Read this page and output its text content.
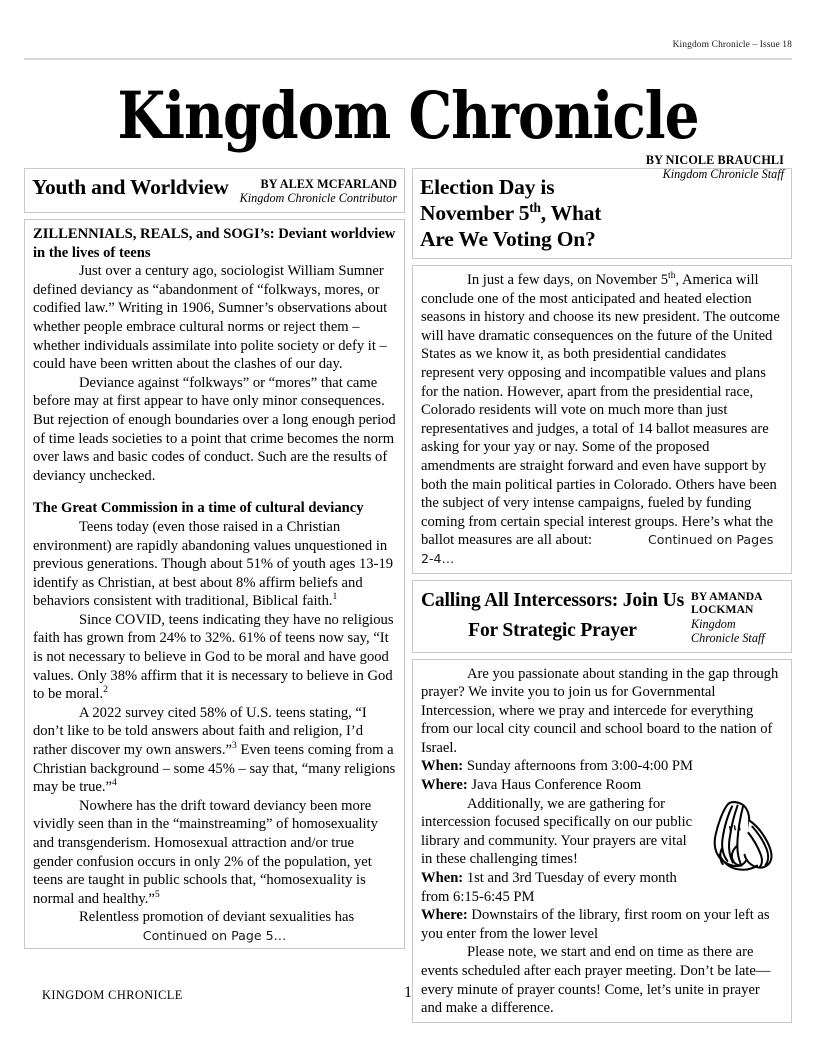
Kingdom Chronicle – Issue 18
Kingdom Chronicle
Youth and Worldview	BY ALEX MCFARLAND
Kingdom Chronicle Contributor

ZILLENNIALS, REALS, and SOGI’s: Deviant worldview in the lives of teens

Just over a century ago, sociologist William Sumner defined deviancy as “abandonment of “folkways, mores, or codified law.” Writing in 1906, Sumner’s observations about whether people embrace cultural norms or reject them – whether individuals assimilate into polite society or defy it – could have been written about the clashes of our day.

Deviance against “folkways” or “mores” that came before may at first appear to have only minor consequences. But rejection of enough boundaries over a long enough period of time leads societies to a point that crime becomes the norm over laws and basic codes of conduct. Such are the results of deviancy unchecked.

The Great Commission in a time of cultural deviancy

Teens today (even those raised in a Christian environment) are rapidly abandoning values unquestioned in previous generations. Though about 51% of youth ages 13-19 identify as Christian, at best about 8% affirm beliefs and behaviors consistent with traditional, Biblical faith.$^1$

Since COVID, teens indicating they have no religious faith has grown from 24% to 32%. 61% of teens now say, “It is not necessary to believe in God to be moral and have good values. Only 38% affirm that it is necessary to believe in God to be moral.$^2$

A 2022 survey cited 58% of U.S. teens stating, “I don’t like to be told answers about faith and religion, I’d rather discover my own answers.”$^3$ Even teens coming from a Christian background – some 45% – say that, “many religions may be true.”$^4$

Nowhere has the drift toward deviancy been more vividly seen than in the “mainstreaming” of homosexuality and transgenderism. Homosexual attraction and/or true gender confusion occurs in only 2% of the population, yet teens are taught in public schools that, “homosexuality is normal and healthy.”$^5$

Relentless promotion of deviant sexualities has

Continued on Page 5…
Election Day is November 5th, What Are We Voting On?
BY NICOLE BRAUCHLI
Kingdom Chronicle Staff

In just a few days, on November 5th, America will conclude one of the most anticipated and heated election seasons in history and choose its new president. The outcome will have dramatic consequences on the future of the United States as we know it, as both presidential candidates represent very opposing and incompatible values and plans for the nation. However, apart from the presidential race, Colorado residents will vote on much more than just representatives and judges, a total of 14 ballot measures are asking for your yay or nay. Some of the proposed amendments are straight forward and even have support by both the main political parties in Colorado. Others have been the subject of very intense campaigns, fueled by funding coming from certain special interest groups. Here’s what the ballot measures are all about:	Continued on Pages 2-4…

Calling All Intercessors: Join Us For Strategic Prayer
BY AMANDA LOCKMAN
Kingdom Chronicle Staff

Are you passionate about standing in the gap through prayer? We invite you to join us for Governmental Intercession, where we pray and intercede for everything from our local city council and school board to the nation of Israel.

When: Sunday afternoons from 3:00-4:00 PM

Where: Java Haus Conference Room

Additionally, we are gathering for intercession focused specifically on our public library and community. Your prayers are vital in these challenging times!

When: 1st and 3rd Tuesday of every month from 6:15-6:45 PM

Where: Downstairs of the library, first room on your left as you enter from the lower level

Please note, we start and end on time as there are events scheduled after each prayer meeting. Don’t be late—every minute of prayer counts! Come, let’s unite in prayer and make a difference.

KINGDOM CHRONICLE	1
